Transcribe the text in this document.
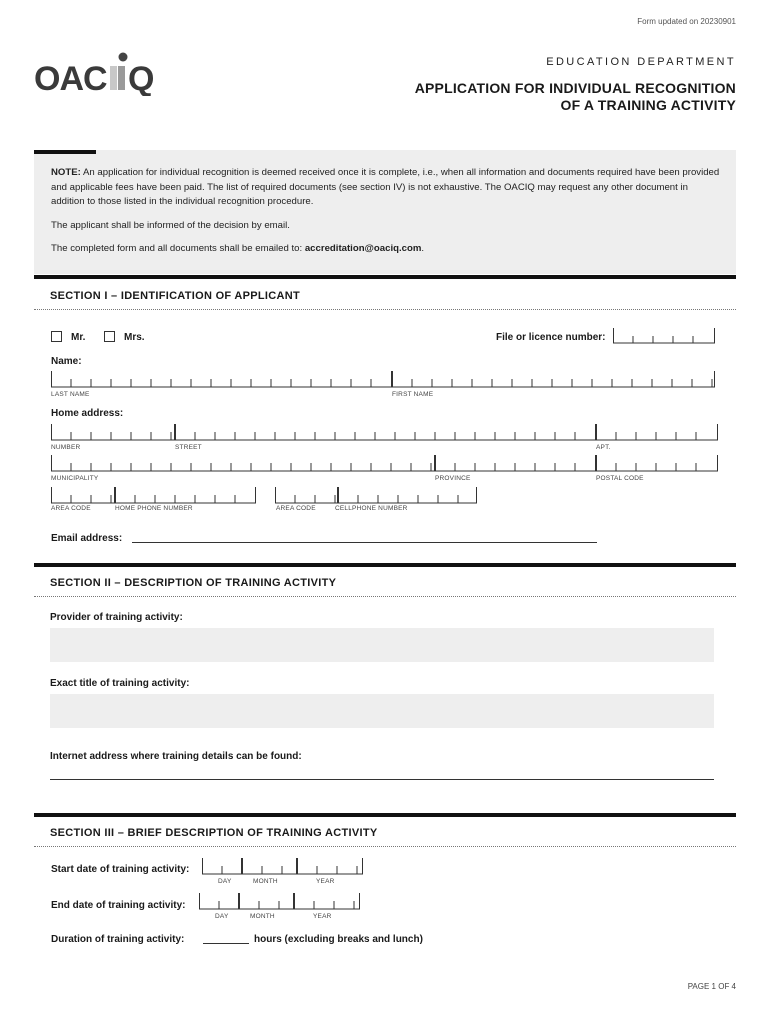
Form updated on 20230901
OAC Q	EDUCATION DEPARTMENT
APPLICATION FOR INDIVIDUAL RECOGNITION
OF A TRAINING ACTIVITY

NOTE: An application for individual recognition is deemed received once it is complete, i.e., when all information and documents required have been provided and applicable fees have been paid. The list of required documents (see section IV) is not exhaustive. The OACIQ may request any other document in addition to those listed in the individual recognition procedure.

The applicant shall be informed of the decision by email.

The completed form and all documents shall be emailed to: accreditation@oaciq.com.

SECTION I – IDENTIFICATION OF APPLICANT
Mr.	Mrs.	File or licence number:
Name:
LAST NAME	FIRST NAME
Home address:
NUMBER	STREET	APT.
MUNICIPALITY	PROVINCE	POSTAL CODE
AREA CODE	HOME PHONE NUMBER	AREA CODE	CELLPHONE NUMBER
Email address:
SECTION II – DESCRIPTION OF TRAINING ACTIVITY
Provider of training activity:
Exact title of training activity:
Internet address where training details can be found:
SECTION III – BRIEF DESCRIPTION OF TRAINING ACTIVITY
Start date of training activity:
DAY	MONTH	YEAR
End date of training activity:
DAY	MONTH	YEAR
Duration of training activity:	hours (excluding breaks and lunch)
PAGE 1 OF 4
